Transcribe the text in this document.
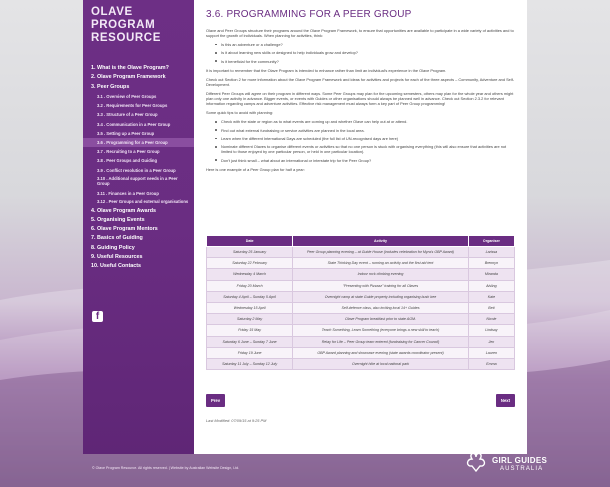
OLAVE
PROGRAM
RESOURCE
1. What is the Olave Program?
2. Olave Program Framework
3. Peer Groups
3.1 . Overview of Peer Groups
3.2 . Requirements for Peer Groups
3.3 . Structure of a Peer Group
3.4 . Communication in a Peer Group
3.5 . Setting up a Peer Group
3.6 . Programming for a Peer Group
3.7 . Recruiting to a Peer Group
3.8 . Peer Groups and Guiding
3.9 . Conflict resolution in a Peer Group
3.10 . Additional support needs in a Peer Group
3.11 . Finances in a Peer Group
3.12 . Peer Groups and external organisations
4. Olave Program Awards
5. Organising Events
6. Olave Program Mentors
7. Basics of Guiding
8. Guiding Policy
9. Useful Resources
10. Useful Contacts
f
3.6. PROGRAMMING FOR A PEER GROUP

Olave and Peer Groups structure their programs around the Olave Program Framework, to ensure that opportunities are available to participate in a wide variety of activities and to support the growth of individuals. When planning for activities, think:

Is this an adventure or a challenge?
Is it about learning new skills or designed to help individuals grow and develop?
Is it beneficial for the community?

It is important to remember that the Olave Program is intended to enhance rather than limit an individual's experience in the Olave Program.

Check out Section 2 for more information about the Olave Program Framework and ideas for activities and projects for each of the three aspects – Community, Adventure and Self-Development.

Different Peer Groups will agree on their program in different ways. Some Peer Groups may plan for the upcoming semesters, others may plan for the whole year and others might plan only one activity in advance. Bigger events, or events with Guides or other organisations should always be planned well in advance. Check out Section 2.3.2 for relevant information regarding camps and adventure activities. Effective risk management must always form a key part of Peer Group programming!

Some quick tips to avoid with planning:

Check with the state or region as to what events are coming up and whether Olave can help out at or attend.
Find out what external fundraising or service activities are planned in the local area.
Learn when the different International Days are scheduled (the full list of UN-recognised days are here)
Nominate different Olaves to organise different events or activities so that no one person is stuck with organising everything (this will also ensure that activities are not limited to those enjoyed by one particular person, or held in one particular location).
Don't just think small – what about an international or interstate trip for the Peer Group?

Here is one example of a Peer Group plan for half a year:

Date	Activity	Organiser
Saturday 25 January	Peer Group planning evening – at Guide House (includes celebration for Myra's OBP Award)	Larissa
Saturday 22 February	State Thinking Day event – running an activity and the first aid tent	Brennyn
Wednesday 4 March	Indoor rock climbing evening	Miranda
Friday 20 March	"Presenting with Pizzazz" training for all Olaves	Aisling
Saturday 4 April – Sunday 5 April	Overnight camp at state Guide property including organising bush bee	Kate
Wednesday 15 April	Self-defence class, also inviting local 14+ Guides	Beti
Saturday 2 May	Olave Program breakfast prior to state AGM.	Nicole
Friday 15 May	Teach Something, Learn Something (everyone brings a new skill to teach)	Lindsay
Saturday 6 June – Sunday 7 June	Relay for Life – Peer Group team entered (fundraising for Cancer Council)	Jen
Friday 19 June	OBP Award planning and showcase evening (state awards coordinator present)	Lauren
Saturday 11 July – Sunday 12 July	Overnight hike at local national park	Emma
Prev	Next
Last Modified: 07/09/15 at 9:25 PM
© Olave Program Resource. All rights reserved. | Website by Australian Website Design, Ltd.
GIRL GUIDES
AUSTRALIA
